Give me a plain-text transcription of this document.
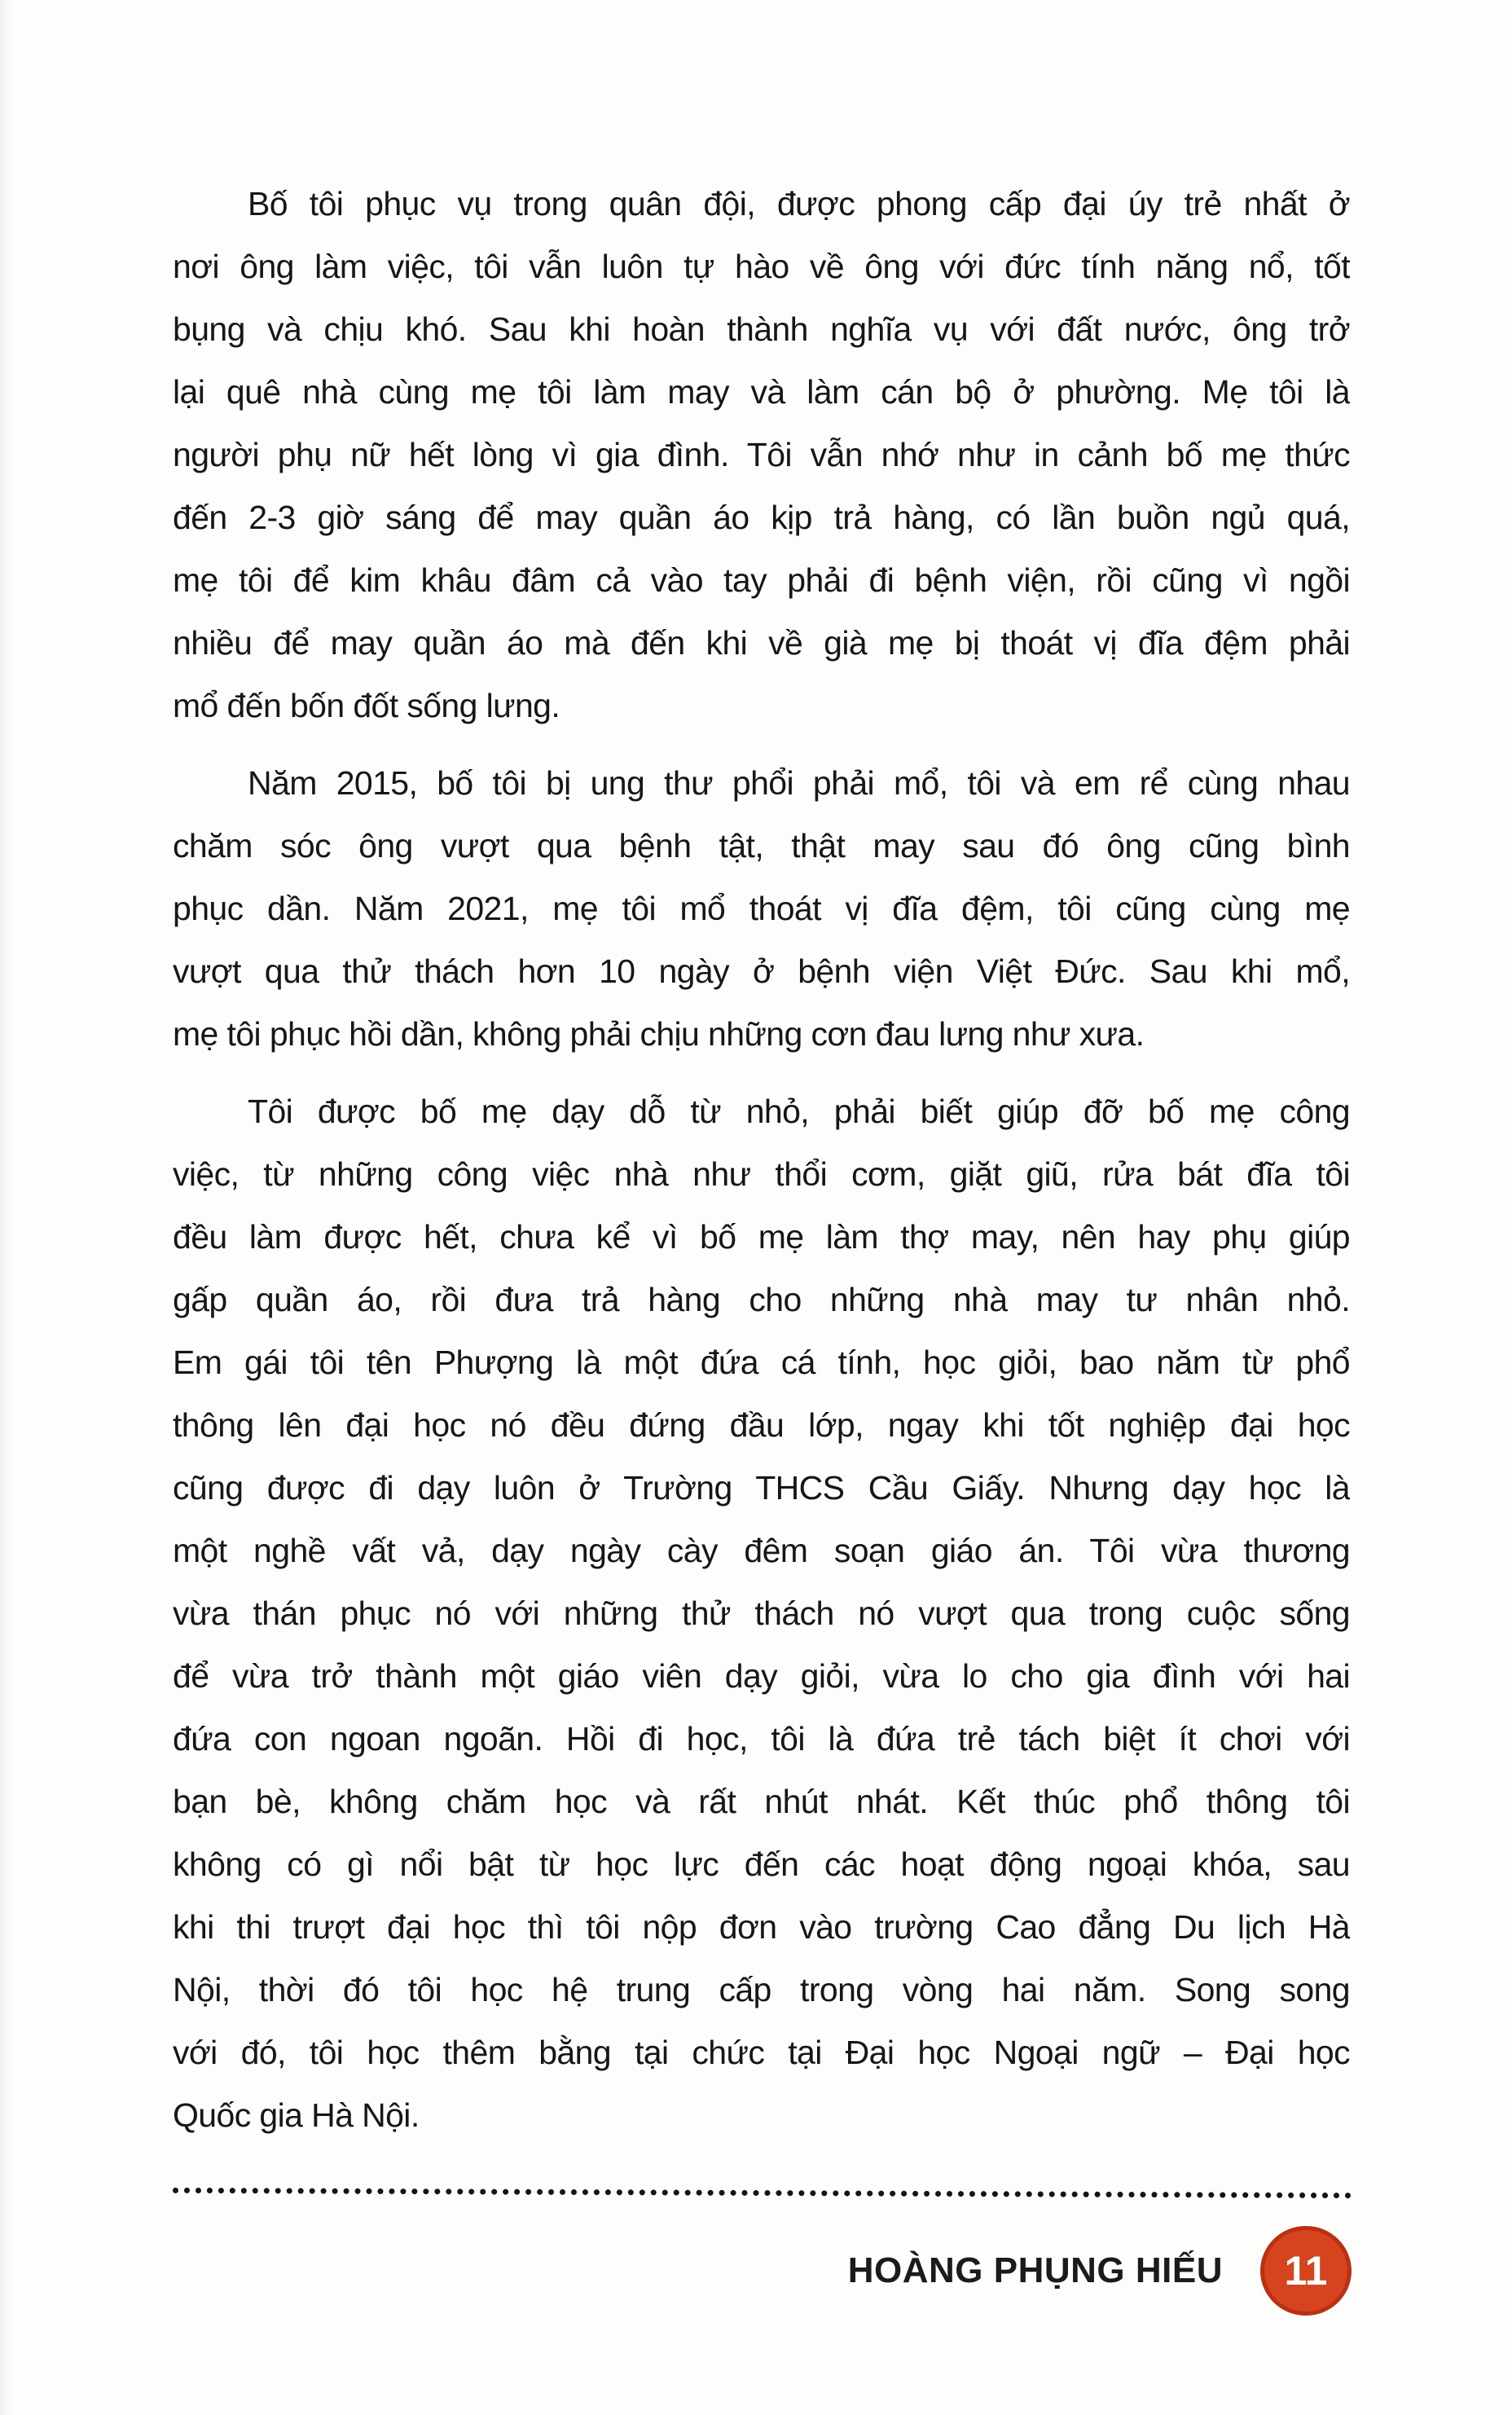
Bố tôi phục vụ trong quân đội, được phong cấp đại úy trẻ nhất ở
nơi ông làm việc, tôi vẫn luôn tự hào về ông với đức tính năng nổ, tốt
bụng và chịu khó. Sau khi hoàn thành nghĩa vụ với đất nước, ông trở
lại quê nhà cùng mẹ tôi làm may và làm cán bộ ở phường. Mẹ tôi là
người phụ nữ hết lòng vì gia đình. Tôi vẫn nhớ như in cảnh bố mẹ thức
đến 2-3 giờ sáng để may quần áo kịp trả hàng, có lần buồn ngủ quá,
mẹ tôi để kim khâu đâm cả vào tay phải đi bệnh viện, rồi cũng vì ngồi
nhiều để may quần áo mà đến khi về già mẹ bị thoát vị đĩa đệm phải
mổ đến bốn đốt sống lưng.
Năm 2015, bố tôi bị ung thư phổi phải mổ, tôi và em rể cùng nhau
chăm sóc ông vượt qua bệnh tật, thật may sau đó ông cũng bình
phục dần. Năm 2021, mẹ tôi mổ thoát vị đĩa đệm, tôi cũng cùng mẹ
vượt qua thử thách hơn 10 ngày ở bệnh viện Việt Đức. Sau khi mổ,
mẹ tôi phục hồi dần, không phải chịu những cơn đau lưng như xưa.
Tôi được bố mẹ dạy dỗ từ nhỏ, phải biết giúp đỡ bố mẹ công
việc, từ những công việc nhà như thổi cơm, giặt giũ, rửa bát đĩa tôi
đều làm được hết, chưa kể vì bố mẹ làm thợ may, nên hay phụ giúp
gấp quần áo, rồi đưa trả hàng cho những nhà may tư nhân nhỏ.
Em gái tôi tên Phượng là một đứa cá tính, học giỏi, bao năm từ phổ
thông lên đại học nó đều đứng đầu lớp, ngay khi tốt nghiệp đại học
cũng được đi dạy luôn ở Trường THCS Cầu Giấy. Nhưng dạy học là
một nghề vất vả, dạy ngày cày đêm soạn giáo án. Tôi vừa thương
vừa thán phục nó với những thử thách nó vượt qua trong cuộc sống
để vừa trở thành một giáo viên dạy giỏi, vừa lo cho gia đình với hai
đứa con ngoan ngoãn. Hồi đi học, tôi là đứa trẻ tách biệt ít chơi với
bạn bè, không chăm học và rất nhút nhát. Kết thúc phổ thông tôi
không có gì nổi bật từ học lực đến các hoạt động ngoại khóa, sau
khi thi trượt đại học thì tôi nộp đơn vào trường Cao đẳng Du lịch Hà
Nội, thời đó tôi học hệ trung cấp trong vòng hai năm. Song song
với đó, tôi học thêm bằng tại chức tại Đại học Ngoại ngữ – Đại học
Quốc gia Hà Nội.
HOÀNG PHỤNG HIẾU 11
